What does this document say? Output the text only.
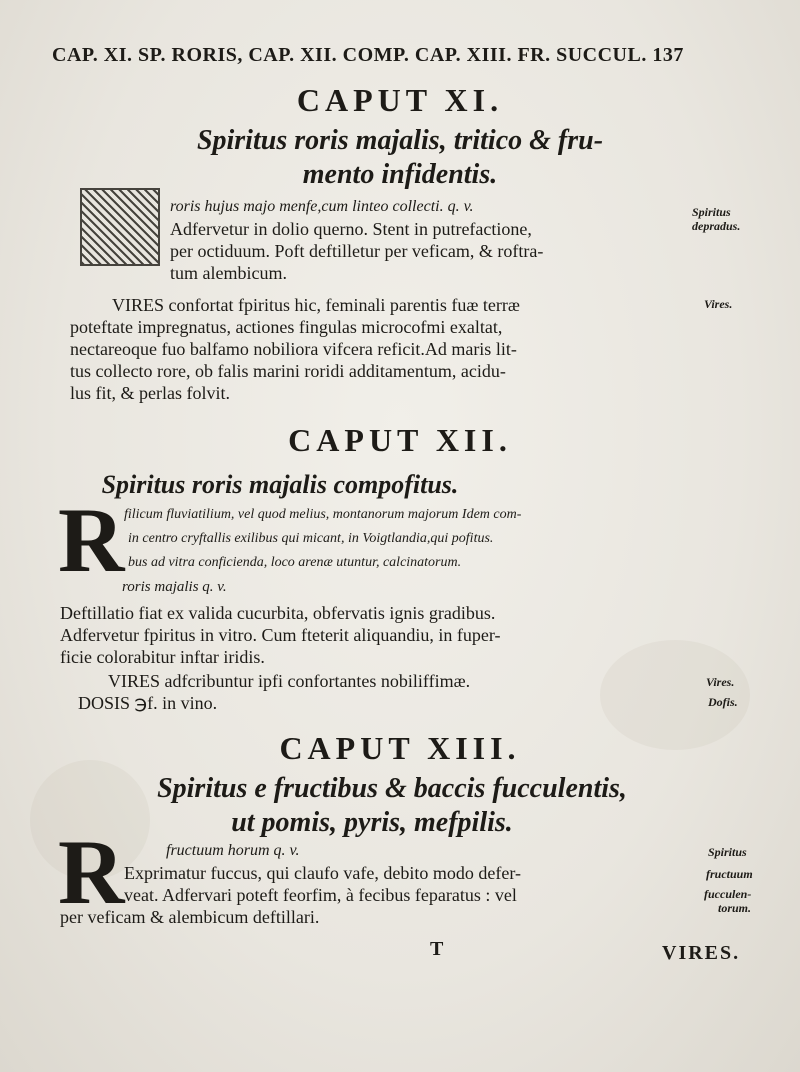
CAP. XI. SP. RORIS, CAP. XII. COMP. CAP. XIII. FR. SUCCUL. 137
CAPUT XI.
Spiritus roris majalis, tritico & fru-
mento infidentis.
roris hujus majo menfe,cum linteo collecti. q. v.
Adfervetur in dolio querno. Stent in putrefactione,
per octiduum. Poft deftilletur per veficam, & roftra-
tum alembicum.
VIRES confortat fpiritus hic, feminali parentis fuæ terræ
poteftate impregnatus, actiones fingulas microcofmi exaltat,
nectareoque fuo balfamo nobiliora vifcera reficit.Ad maris lit-
tus collecto rore, ob falis marini roridi additamentum, acidu-
lus fit, & perlas folvit.
Spiritus
depradus.
Vires.
CAPUT XII.
Spiritus roris majalis compofitus.
R filicum fluviatilium, vel quod melius, montanorum majorum Idem com-
in centro cryftallis exilibus qui micant, in Voigtlandia,qui pofitus.
bus ad vitra conficienda, loco arenæ utuntur, calcinatorum.
roris majalis q. v.
Deftillatio fiat ex valida cucurbita, obfervatis ignis gradibus.
Adfervetur fpiritus in vitro. Cum fteterit aliquandiu, in fuper-
ficie colorabitur inftar iridis.
VIRES adfcribuntur ipfi confortantes nobiliffimæ.
DOSIS ℈f. in vino.
Vires.
Dofis.
CAPUT XIII.
Spiritus e fructibus & baccis fucculentis,
ut pomis, pyris, mefpilis.
R	fructuum horum q. v.
Exprimatur fuccus, qui claufo vafe, debito modo defer-
veat. Adfervari poteft feorfim, à fecibus feparatus : vel
per veficam & alembicum deftillari.
Spiritus
fructuum
fucculen-
torum.
T	VIRES.
